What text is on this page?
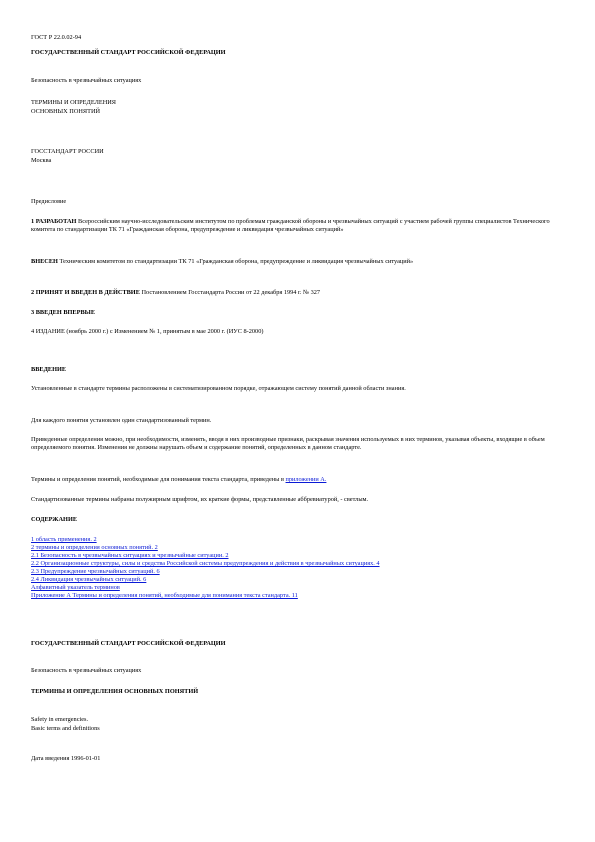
ГОСТ Р 22.0.02-94

ГОСУДАРСТВЕННЫЙ СТАНДАРТ РОССИЙСКОЙ ФЕДЕРАЦИИ

Безопасность в чрезвычайных ситуациях

ТЕРМИНЫ И ОПРЕДЕЛЕНИЯ

ОСНОВНЫХ ПОНЯТИЙ

ГОССТАНДАРТ РОССИИ

Москва

Предисловие

1 РАЗРАБОТАН Всероссийским научно-исследовательским институтом по проблемам гражданской обороны и чрезвычайных ситуаций с участием рабочей группы специалистов Технического комитета по стандартизации ТК 71 «Гражданская оборона, предупреждение и ликвидация чрезвычайных ситуаций»

ВНЕСЕН Техническим комитетом по стандартизации ТК 71 «Гражданская оборона, предупреждение и ликвидация чрезвычайных ситуаций»

2 ПРИНЯТ И ВВЕДЕН В ДЕЙСТВИЕ Постановлением Госстандарта России от 22 декабря 1994 г. № 327

3 ВВЕДЕН ВПЕРВЫЕ

4 ИЗДАНИЕ (ноябрь 2000 г.) с Изменением № 1, принятым в мае 2000 г. (ИУС 8-2000)

ВВЕДЕНИЕ

Установленные в стандарте термины расположены в систематизированном порядке, отражающем систему понятий данной области знания.

Для каждого понятия установлен один стандартизованный термин.

Приведенные определения можно, при необходимости, изменять, вводя в них производные признаки, раскрывая значения используемых в них терминов, указывая объекты, входящие в объем определяемого понятия. Изменения не должны нарушать объем и содержание понятий, определенных в данном стандарте.

Термины и определения понятий, необходимые для понимания текста стандарта, приведены в приложении А.

Стандартизованные термины набраны полужирным шрифтом, их краткие формы, представленные аббревиатурой, - светлым.

СОДЕРЖАНИЕ

1 область применения. 2
2 термины и определения основных понятий. 2
2.1 Безопасность в чрезвычайных ситуациях и чрезвычайные ситуации. 2
2.2 Организационные структуры, силы и средства Российской системы предупреждения и действия в чрезвычайных ситуациях. 4
2.3 Предупреждение чрезвычайных ситуаций. 6
2.4 Ликвидация чрезвычайных ситуаций. 6
Алфавитный указатель терминов
Приложение А Термины и определения понятий, необходимые для понимания текста стандарта. 11

ГОСУДАРСТВЕННЫЙ СТАНДАРТ РОССИЙСКОЙ ФЕДЕРАЦИИ

Безопасность в чрезвычайных ситуациях

ТЕРМИНЫ И ОПРЕДЕЛЕНИЯ ОСНОВНЫХ ПОНЯТИЙ

Safety in emergencies.

Basic terms and definitions

Дата введения 1996-01-01
